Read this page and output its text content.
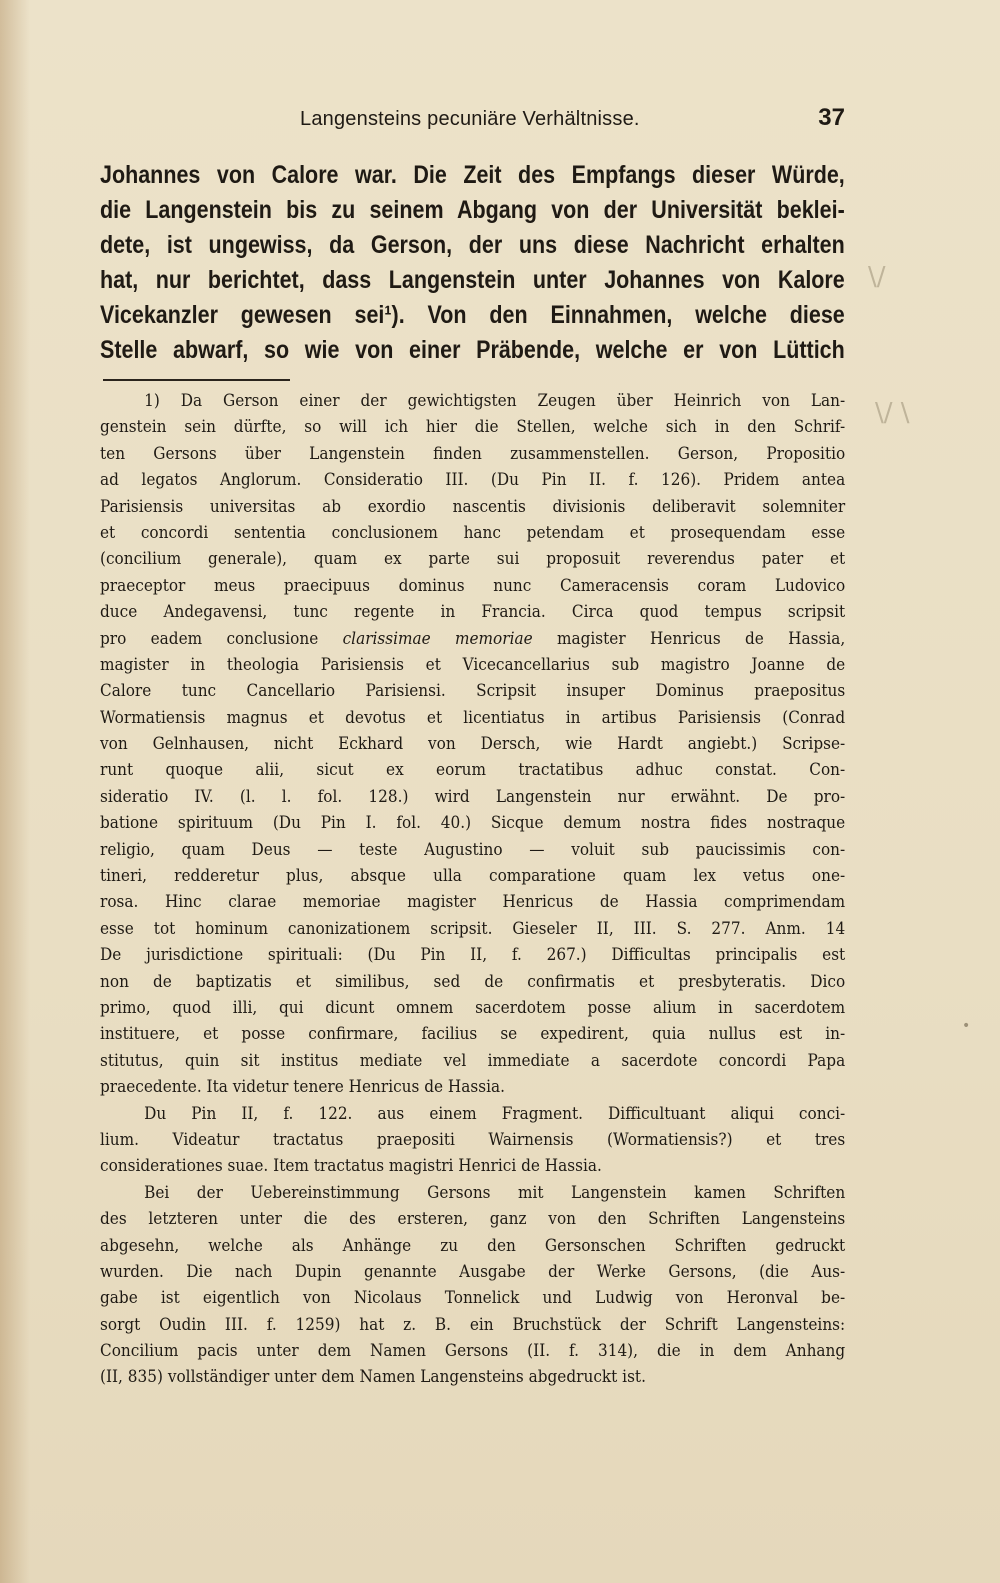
Langensteins pecuniäre Verhältnisse.	37
Johannes von Calore war. Die Zeit des Empfangs dieser Würde,
die Langenstein bis zu seinem Abgang von der Universität beklei-
dete, ist ungewiss, da Gerson, der uns diese Nachricht erhalten
hat, nur berichtet, dass Langenstein unter Johannes von Kalore
Vicekanzler gewesen sei¹). Von den Einnahmen, welche diese
Stelle abwarf, so wie von einer Präbende, welche er von Lüttich
1) Da Gerson einer der gewichtigsten Zeugen über Heinrich von Lan-
genstein sein dürfte, so will ich hier die Stellen, welche sich in den Schrif-
ten Gersons über Langenstein finden zusammenstellen. Gerson, Propositio
ad legatos Anglorum. Consideratio III. (Du Pin II. f. 126). Pridem antea
Parisiensis universitas ab exordio nascentis divisionis deliberavit solemniter
et concordi sententia conclusionem hanc petendam et prosequendam esse
(concilium generale), quam ex parte sui proposuit reverendus pater et
praeceptor meus praecipuus dominus nunc Cameracensis coram Ludovico
duce Andegavensi, tunc regente in Francia. Circa quod tempus scripsit
pro eadem conclusione clarissimae memoriae magister Henricus de Hassia,
magister in theologia Parisiensis et Vicecancellarius sub magistro Joanne de
Calore tunc Cancellario Parisiensi. Scripsit insuper Dominus praepositus
Wormatiensis magnus et devotus et licentiatus in artibus Parisiensis (Conrad
von Gelnhausen, nicht Eckhard von Dersch, wie Hardt angiebt.) Scripse-
runt quoque alii, sicut ex eorum tractatibus adhuc constat. Con-
sideratio IV. (l. l. fol. 128.) wird Langenstein nur erwähnt. De pro-
batione spirituum (Du Pin I. fol. 40.) Sicque demum nostra fides nostraque
religio, quam Deus — teste Augustino — voluit sub paucissimis con-
tineri, redderetur plus, absque ulla comparatione quam lex vetus one-
rosa. Hinc clarae memoriae magister Henricus de Hassia comprimendam
esse tot hominum canonizationem scripsit. Gieseler II, III. S. 277. Anm. 14
De jurisdictione spirituali: (Du Pin II, f. 267.) Difficultas principalis est
non de baptizatis et similibus, sed de confirmatis et presbyteratis. Dico
primo, quod illi, qui dicunt omnem sacerdotem posse alium in sacerdotem
instituere, et posse confirmare, facilius se expedirent, quia nullus est in-
stitutus, quin sit institus mediate vel immediate a sacerdote concordi Papa
praecedente. Ita videtur tenere Henricus de Hassia.
Du Pin II, f. 122. aus einem Fragment. Difficultuant aliqui conci-
lium. Videatur tractatus praepositi Wairnensis (Wormatiensis?) et tres
considerationes suae. Item tractatus magistri Henrici de Hassia.
Bei der Uebereinstimmung Gersons mit Langenstein kamen Schriften
des letzteren unter die des ersteren, ganz von den Schriften Langensteins
abgesehn, welche als Anhänge zu den Gersonschen Schriften gedruckt
wurden. Die nach Dupin genannte Ausgabe der Werke Gersons, (die Aus-
gabe ist eigentlich von Nicolaus Tonnelick und Ludwig von Heronval be-
sorgt Oudin III. f. 1259) hat z. B. ein Bruchstück der Schrift Langensteins:
Concilium pacis unter dem Namen Gersons (II. f. 314), die in dem Anhang
(II, 835) vollständiger unter dem Namen Langensteins abgedruckt ist.
\/
\/ \
•
